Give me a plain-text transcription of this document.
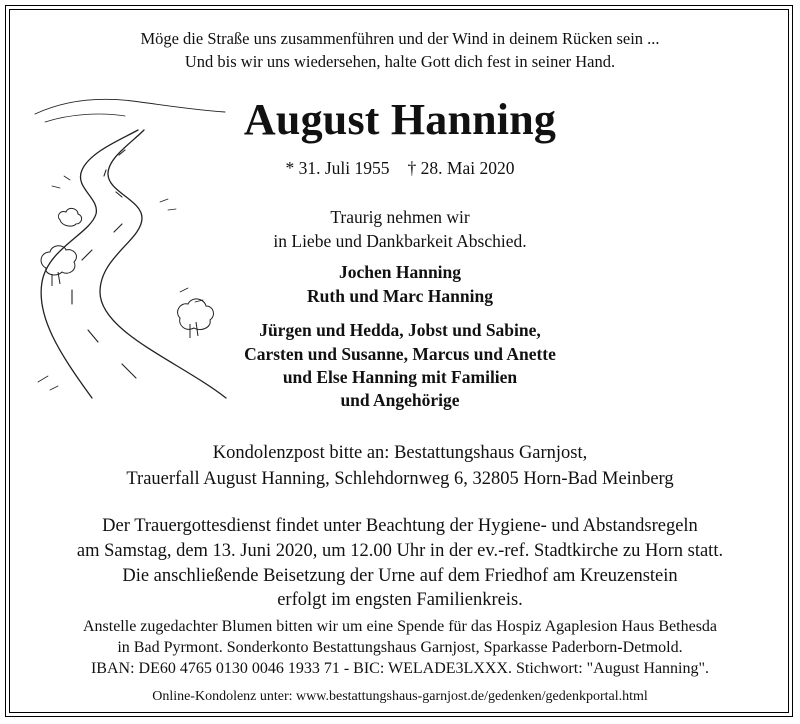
Möge die Straße uns zusammenführen und der Wind in deinem Rücken sein ...
Und bis wir uns wiedersehen, halte Gott dich fest in seiner Hand.
August Hanning
* 31. Juli 1955 † 28. Mai 2020
Traurig nehmen wir
in Liebe und Dankbarkeit Abschied.
Jochen Hanning
Ruth und Marc Hanning
Jürgen und Hedda, Jobst und Sabine,
Carsten und Susanne, Marcus und Anette
und Else Hanning mit Familien
und Angehörige
Kondolenzpost bitte an: Bestattungshaus Garnjost,
Trauerfall August Hanning, Schlehdornweg 6, 32805 Horn-Bad Meinberg
Der Trauergottesdienst findet unter Beachtung der Hygiene- und Abstandsregeln
am Samstag, dem 13. Juni 2020, um 12.00 Uhr in der ev.-ref. Stadtkirche zu Horn statt.
Die anschließende Beisetzung der Urne auf dem Friedhof am Kreuzenstein
erfolgt im engsten Familienkreis.
Anstelle zugedachter Blumen bitten wir um eine Spende für das Hospiz Agaplesion Haus Bethesda
in Bad Pyrmont. Sonderkonto Bestattungshaus Garnjost, Sparkasse Paderborn-Detmold.
IBAN: DE60 4765 0130 0046 1933 71 - BIC: WELADE3LXXX. Stichwort: "August Hanning".
Online-Kondolenz unter: www.bestattungshaus-garnjost.de/gedenken/gedenkportal.html
